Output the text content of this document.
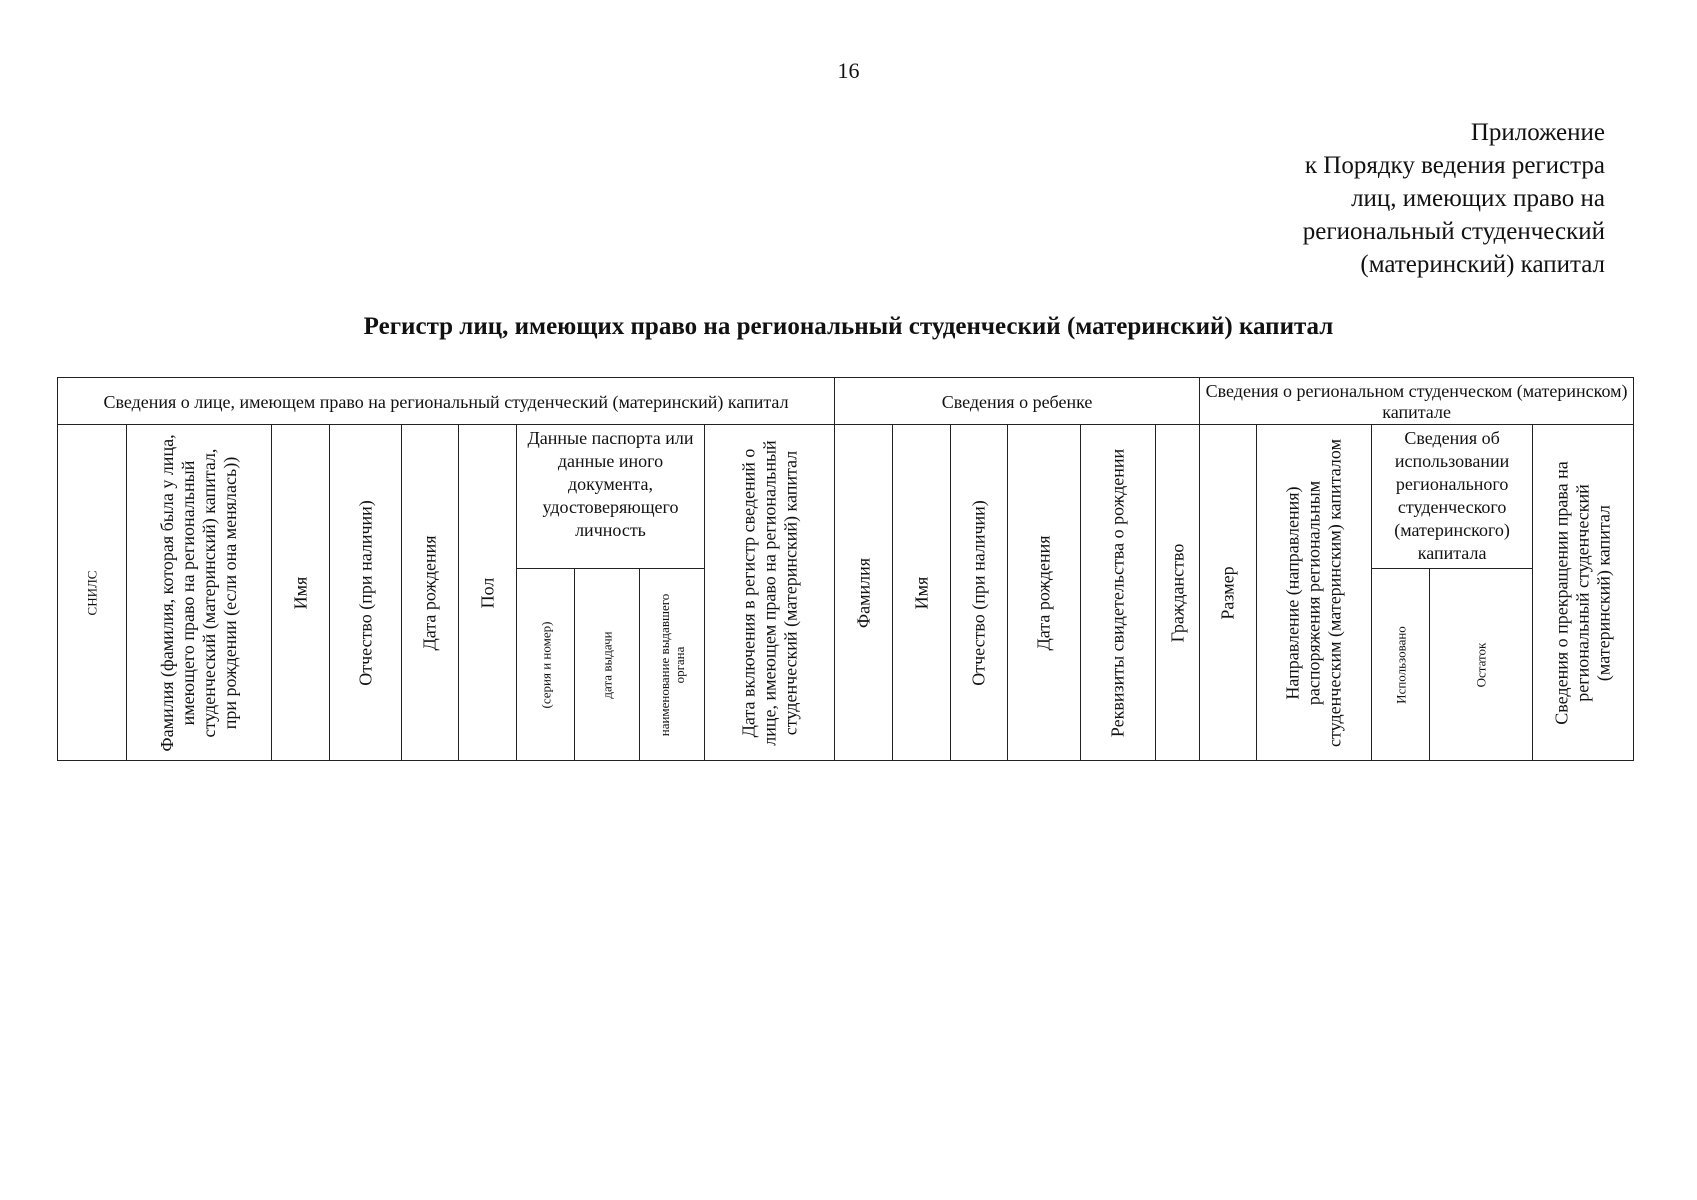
16
Приложение
к Порядку ведения регистра
лиц, имеющих право на
региональный студенческий
(материнский) капитал
Регистр лиц, имеющих право на региональный студенческий (материнский) капитал
Сведения о лице, имеющем право на региональный студенческий (материнский) капитал										Сведения о ребенке						Сведения о региональном студенческом (материнском) капитале				

СНИЛС	Фамилия (фамилия, которая была у лица, имеющего право на региональный студенческий (материнский) капитал, при рождении (если она менялась))	Имя	Отчество (при наличии)	Дата рождения	Пол	Данные паспорта или данные иного документа, удостоверяющего личность			Дата включения в регистр сведений о лице, имеющем право на региональный студенческий (материнский) капитал	Фамилия	Имя	Отчество (при наличии)	Дата рождения	Реквизиты свидетельства о рождении	Гражданство	Размер	Направление (направления) распоряжения региональным студенческим (материнским) капиталом	Сведения об использовании регионального студенческого (материнского) капитала		Сведения о прекращении права на региональный студенческий (материнский) капитал

						(серия и номер)	дата выдачи	наименование выдавшего органа										Использовано	Остаток	
